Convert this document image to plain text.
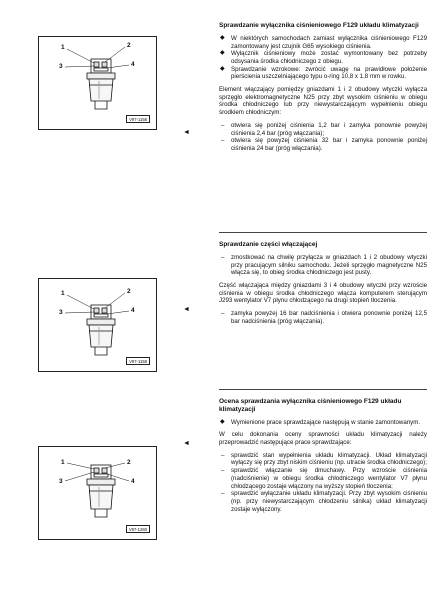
1	2
3	4
V97-1158
1	2
3	4
V97-1158
1	2
3	4
V97-1260

Sprawdzanie wyłącznika ciśnieniowego F129 układu klimatyzacji

◆ W niektórych samochodach zamiast wyłącznika ciśnieniowego F129 zamontowany jest czujnik G65 wysokiego ciśnienia.

◆ Wyłącznik ciśnieniowy może zostać wymontowany bez potrzeby odsysania środka chłodniczego z obiegu.

◆ Sprawdzanie wzrokowe: zwrócić uwagę na prawidłowe położenie pierścienia uszczelniającego typu o-ring 10,8 x 1,8 mm w rowku.

Element włączający pomiędzy gniazdami 1 i 2 obudowy wtyczki wyłącza sprzęgło elektromagnetyczne N25 przy zbyt wysokim ciśnieniu w obiegu środka chłodniczego lub przy niewystarczającym wypełnieniu obiegu środkiem chłodniczym:

– otwiera się poniżej ciśnienia 1,2 bar i zamyka ponownie powyżej ciśnienia 2,4 bar (próg włączania);

– otwiera się powyżej ciśnienia 32 bar i zamyka ponownie poniżej ciśnienia 24 bar (próg włączania).

◄

Sprawdzanie części włączającej

– zmostkować na chwilę przyłącza w gniazdach 1 i 2 obudowy wtyczki przy pracującym silniku samochodu. Jeżeli sprzęgło magnetyczne N25 włącza się, to obieg środka chłodniczego jest pusty.

Część włączająca między gniazdami 3 i 4 obudowy wtyczki przy wzroście ciśnienia w obiegu środka chłodniczego włącza komputerem sterującym J293 wentylator V7 płynu chłodzącego na drugi stopień tłoczenia.

– zamyka powyżej 16 bar nadciśnienia i otwiera ponownie poniżej 12,5 bar nadciśnienia (próg włączania).

◄

Ocena sprawdzania wyłącznika ciśnieniowego F129 układu klimatyzacji

◆ Wymienione prace sprawdzające następują w stanie zamontowanym.

W celu dokonania oceny sprawności układu klimatyzacji należy przeprowadzić następujące prace sprawdzające:

– sprawdzić stan wypełnienia układu klimatyzacji. Układ klimatyzacji wyłączy się przy zbyt niskim ciśnieniu (np. utracie środka chłodniczego);

– sprawdzić włączanie się dmuchawy. Przy wzroście ciśnienia (nadciśnienie) w obiegu środka chłodniczego wentylator V7 płynu chłodzącego zostaje włączony na wyższy stopień tłoczenia;

– sprawdzić wyłączanie układu klimatyzacji. Przy zbyt wysokim ciśnieniu (np. przy niewystarczającym chłodzeniu silnika) układ klimatyzacji zostaje wyłączony.

◄
